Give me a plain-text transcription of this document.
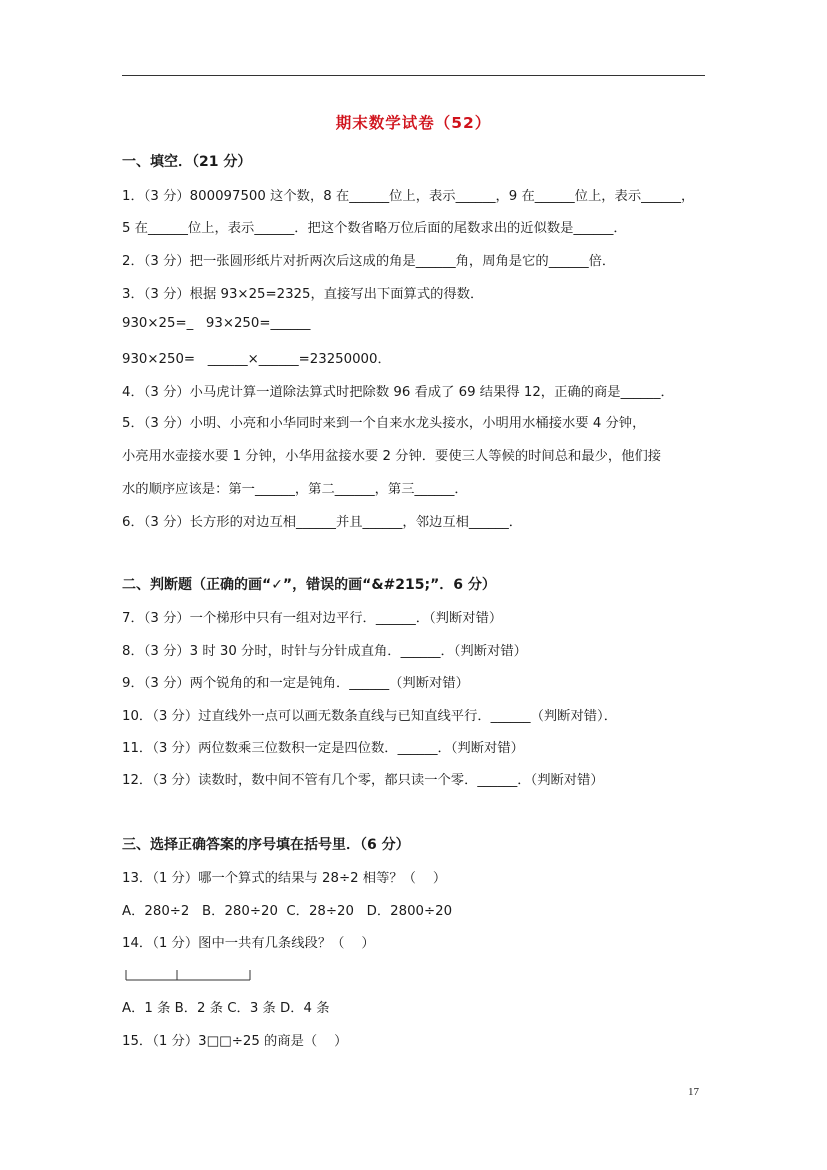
期末数学试卷（52）
一、填空．（21 分）
1．（3 分）800097500 这个数，8 在______位上，表示______，9 在______位上，表示______，
5 在______位上，表示______．把这个数省略万位后面的尾数求出的近似数是______．
2．（3 分）把一张圆形纸片对折两次后这成的角是______角，周角是它的______倍．
3．（3 分）根据 93×25=2325，直接写出下面算式的得数．
930×25=_   93×250=______
930×250=   ______×______=23250000．
4．（3 分）小马虎计算一道除法算式时把除数 96 看成了 69 结果得 12，正确的商是______．
5．（3 分）小明、小亮和小华同时来到一个自来水龙头接水，小明用水桶接水要 4 分钟，
小亮用水壶接水要 1 分钟，小华用盆接水要 2 分钟．要使三人等候的时间总和最少，他们接
水的顺序应该是：第一______，第二______，第三______．
6．（3 分）长方形的对边互相______并且______，邻边互相______．
二、判断题（正确的画“✓”，错误的画“&#215;”．6 分）
7．（3 分）一个梯形中只有一组对边平行．______．（判断对错）
8．（3 分）3 时 30 分时，时针与分针成直角．______．（判断对错）
9．（3 分）两个锐角的和一定是钝角．______（判断对错）
10．（3 分）过直线外一点可以画无数条直线与已知直线平行．______（判断对错）．
11．（3 分）两位数乘三位数积一定是四位数．______．（判断对错）
12．（3 分）读数时，数中间不管有几个零，都只读一个零．______．（判断对错）
三、选择正确答案的序号填在括号里．（6 分）
13．（1 分）哪一个算式的结果与 28÷2 相等？（    ）
A．280÷2   B．280÷20  C．28÷20   D．2800÷20
14．（1 分）图中一共有几条线段？（    ）
A．1 条 B．2 条 C．3 条 D．4 条
15．（1 分）3□□÷25 的商是（    ）
17
